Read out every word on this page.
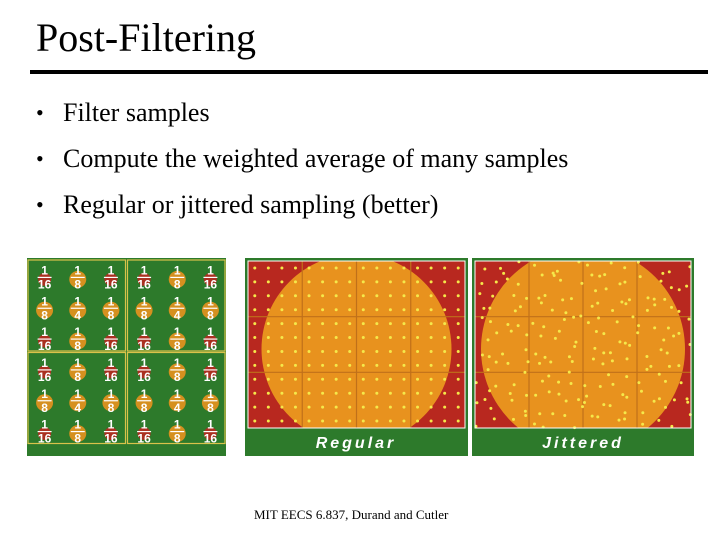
Post-Filtering
• Filter samples
• Compute the weighted average of many samples
• Regular or jittered sampling (better)
1
16
1
8
1
16
1
16
1
8
1
16
1
8
1
4
1
8
1
8
1
4
1
8
1
16
1
8
1
16
1
16
1
8
1
16
1
16
1
8
1
16
1
16
1
8
1
16
1
8
1
4
1
8
1
8
1
4
1
8
1
16
1
8
1
16
1
16
1
8
1
16	Regular	Jittered
MIT EECS 6.837, Durand and Cutler
